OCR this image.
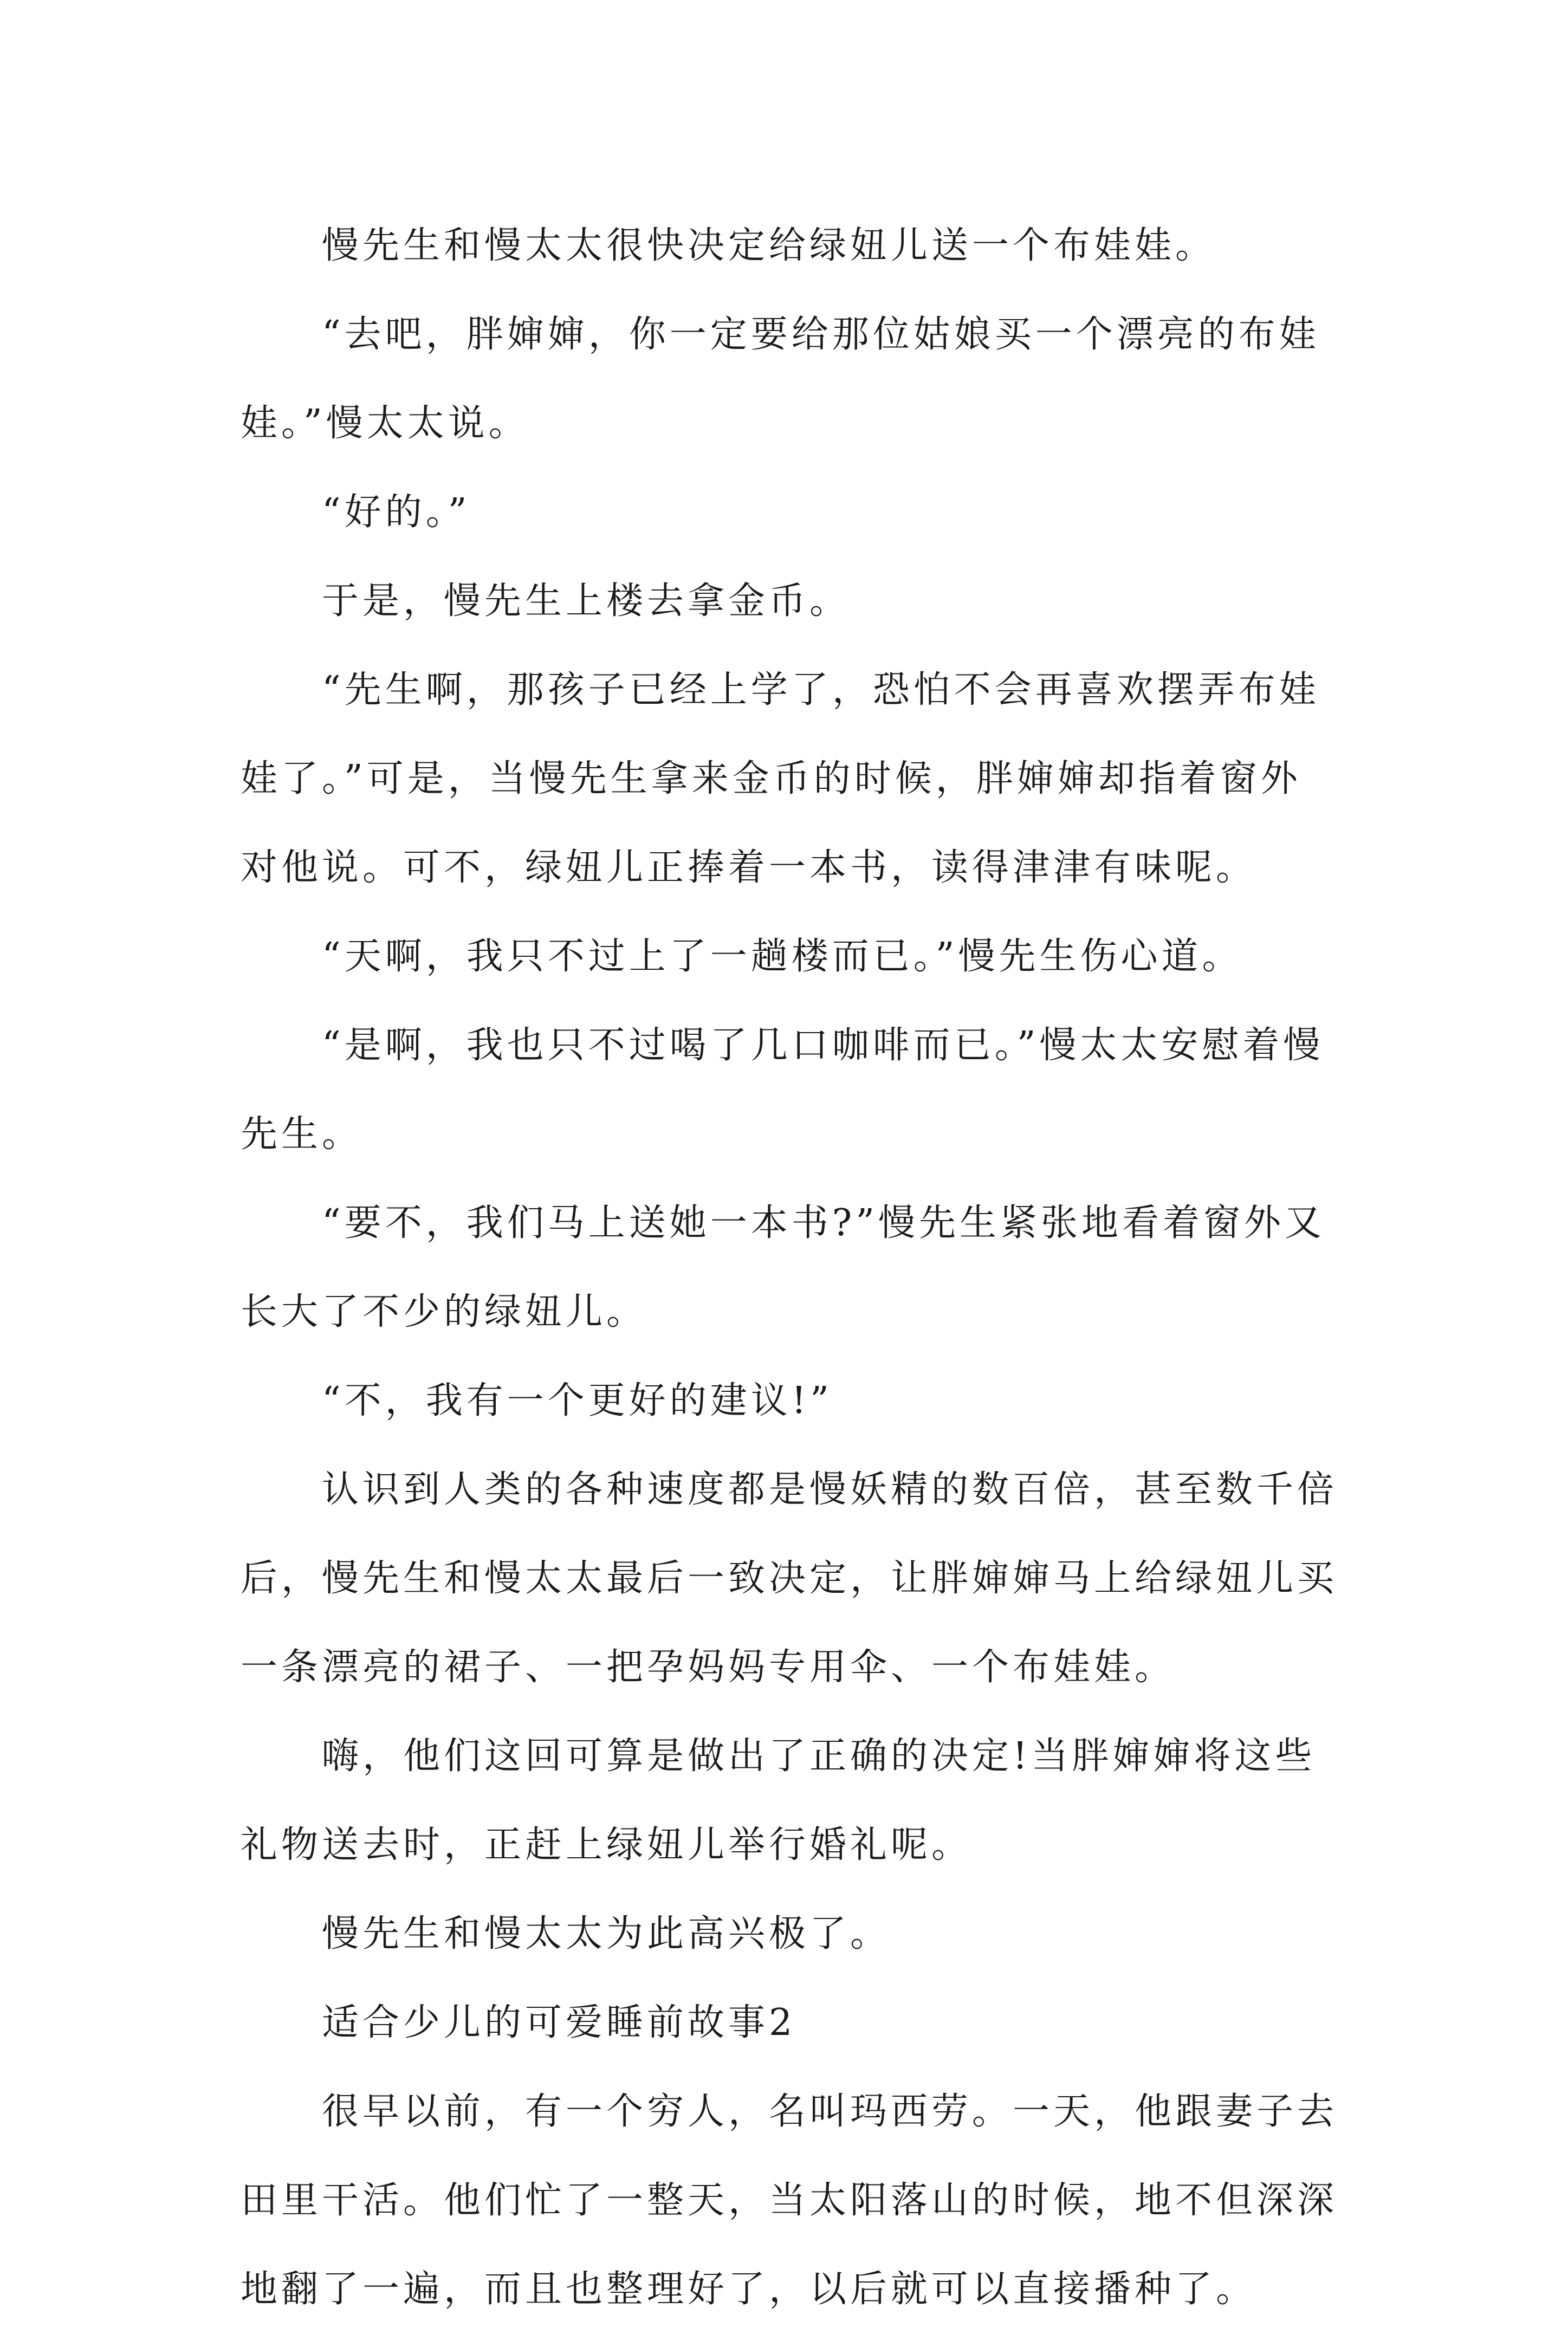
慢先生和慢太太很快决定给绿妞儿送一个布娃娃。

“去吧，胖婶婶，你一定要给那位姑娘买一个漂亮的布娃娃。”慢太太说。

“好的。”

于是，慢先生上楼去拿金币。

“先生啊，那孩子已经上学了，恐怕不会再喜欢摆弄布娃娃了。”可是，当慢先生拿来金币的时候，胖婶婶却指着窗外对他说。可不，绿妞儿正捧着一本书，读得津津有味呢。

“天啊，我只不过上了一趟楼而已。”慢先生伤心道。

“是啊，我也只不过喝了几口咖啡而已。”慢太太安慰着慢先生。

“要不，我们马上送她一本书?”慢先生紧张地看着窗外又长大了不少的绿妞儿。

“不，我有一个更好的建议!”

认识到人类的各种速度都是慢妖精的数百倍，甚至数千倍后，慢先生和慢太太最后一致决定，让胖婶婶马上给绿妞儿买一条漂亮的裙子、一把孕妈妈专用伞、一个布娃娃。

嗨，他们这回可算是做出了正确的决定!当胖婶婶将这些礼物送去时，正赶上绿妞儿举行婚礼呢。

慢先生和慢太太为此高兴极了。

适合少儿的可爱睡前故事2

很早以前，有一个穷人，名叫玛西劳。一天，他跟妻子去田里干活。他们忙了一整天，当太阳落山的时候，地不但深深地翻了一遍，而且也整理好了，以后就可以直接播种了。
